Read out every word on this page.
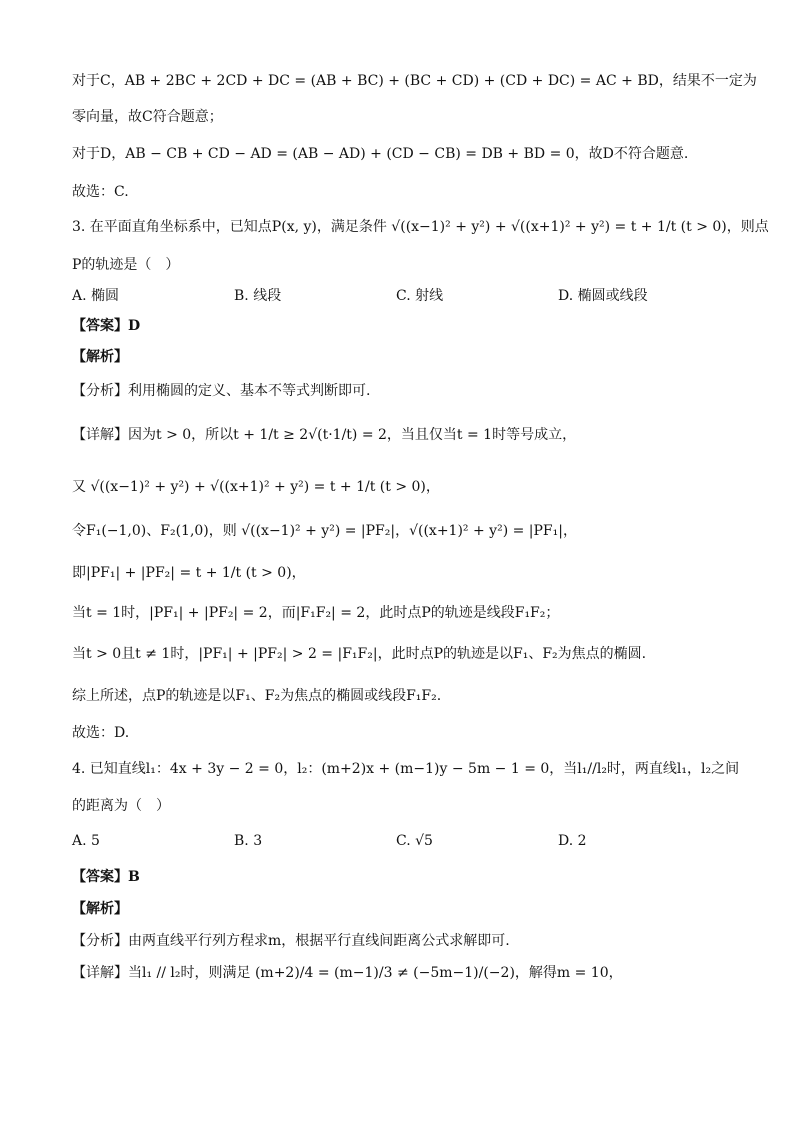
对于C，AB + 2BC + 2CD + DC = (AB + BC) + (BC + CD) + (CD + DC) = AC + BD，结果不一定为
零向量，故C符合题意；
对于D，AB − CB + CD − AD = (AB − AD) + (CD − CB) = DB + BD = 0，故D不符合题意.
故选：C.
3. 在平面直角坐标系中，已知点P(x, y)，满足条件 √((x−1)² + y²) + √((x+1)² + y²) = t + 1/t (t > 0)，则点
P的轨迹是（　）
A. 椭圆	B. 线段	C. 射线	D. 椭圆或线段
【答案】D
【解析】
【分析】利用椭圆的定义、基本不等式判断即可.
【详解】因为t > 0，所以t + 1/t ≥ 2√(t·1/t) = 2，当且仅当t = 1时等号成立，
又 √((x−1)² + y²) + √((x+1)² + y²) = t + 1/t (t > 0)，
令F₁(−1,0)、F₂(1,0)，则 √((x−1)² + y²) = |PF₂|，√((x+1)² + y²) = |PF₁|，
即|PF₁| + |PF₂| = t + 1/t (t > 0)，
当t = 1时，|PF₁| + |PF₂| = 2，而|F₁F₂| = 2，此时点P的轨迹是线段F₁F₂；
当t > 0且t ≠ 1时，|PF₁| + |PF₂| > 2 = |F₁F₂|，此时点P的轨迹是以F₁、F₂为焦点的椭圆.
综上所述，点P的轨迹是以F₁、F₂为焦点的椭圆或线段F₁F₂.
故选：D.
4. 已知直线l₁：4x + 3y − 2 = 0，l₂：(m+2)x + (m−1)y − 5m − 1 = 0，当l₁//l₂时，两直线l₁，l₂之间
的距离为（　）
A. 5	B. 3	C. √5	D. 2
【答案】B
【解析】
【分析】由两直线平行列方程求m，根据平行直线间距离公式求解即可.
【详解】当l₁ // l₂时，则满足 (m+2)/4 = (m−1)/3 ≠ (−5m−1)/(−2)，解得m = 10，
